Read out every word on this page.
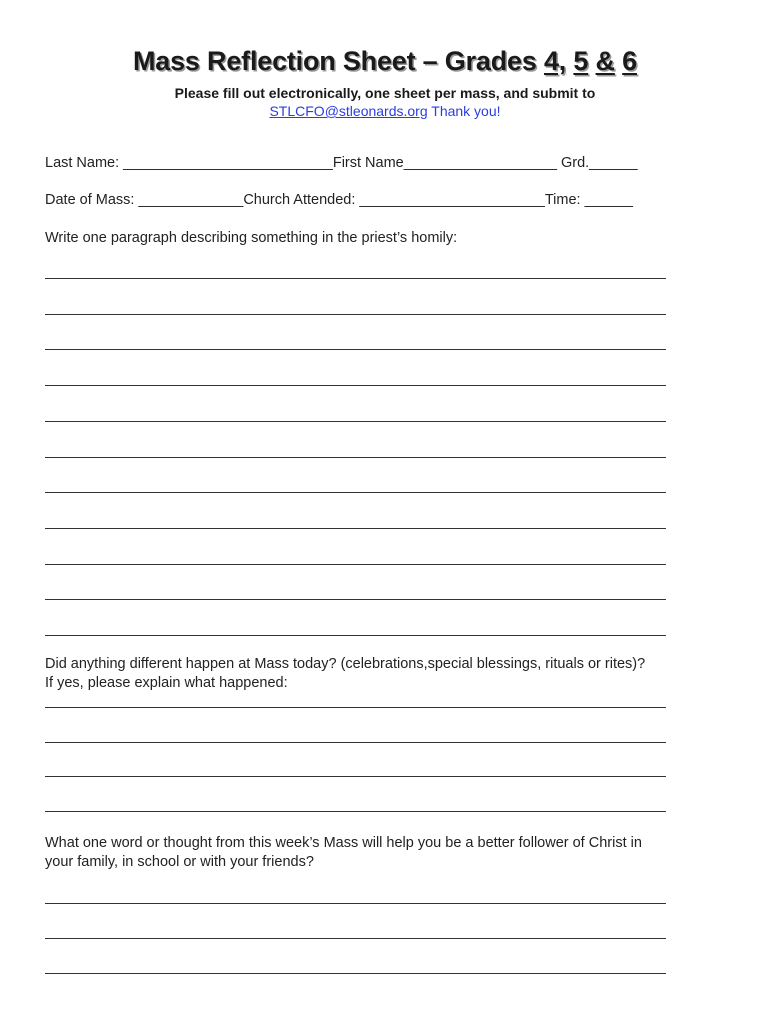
Mass Reflection Sheet – Grades 4, 5 & 6
Please fill out electronically, one sheet per mass, and submit to
STLCFO@stleonards.org Thank you!
Last Name: __________________________First Name___________________ Grd.______
Date of Mass: _____________Church Attended: _______________________Time: ______
Write one paragraph describing something in the priest’s homily:
Did anything different happen at Mass today? (celebrations,special blessings, rituals or rites)?
If yes, please explain what happened:
What one word or thought from this week’s Mass will help you be a better follower of Christ in
your family, in school or with your friends?
